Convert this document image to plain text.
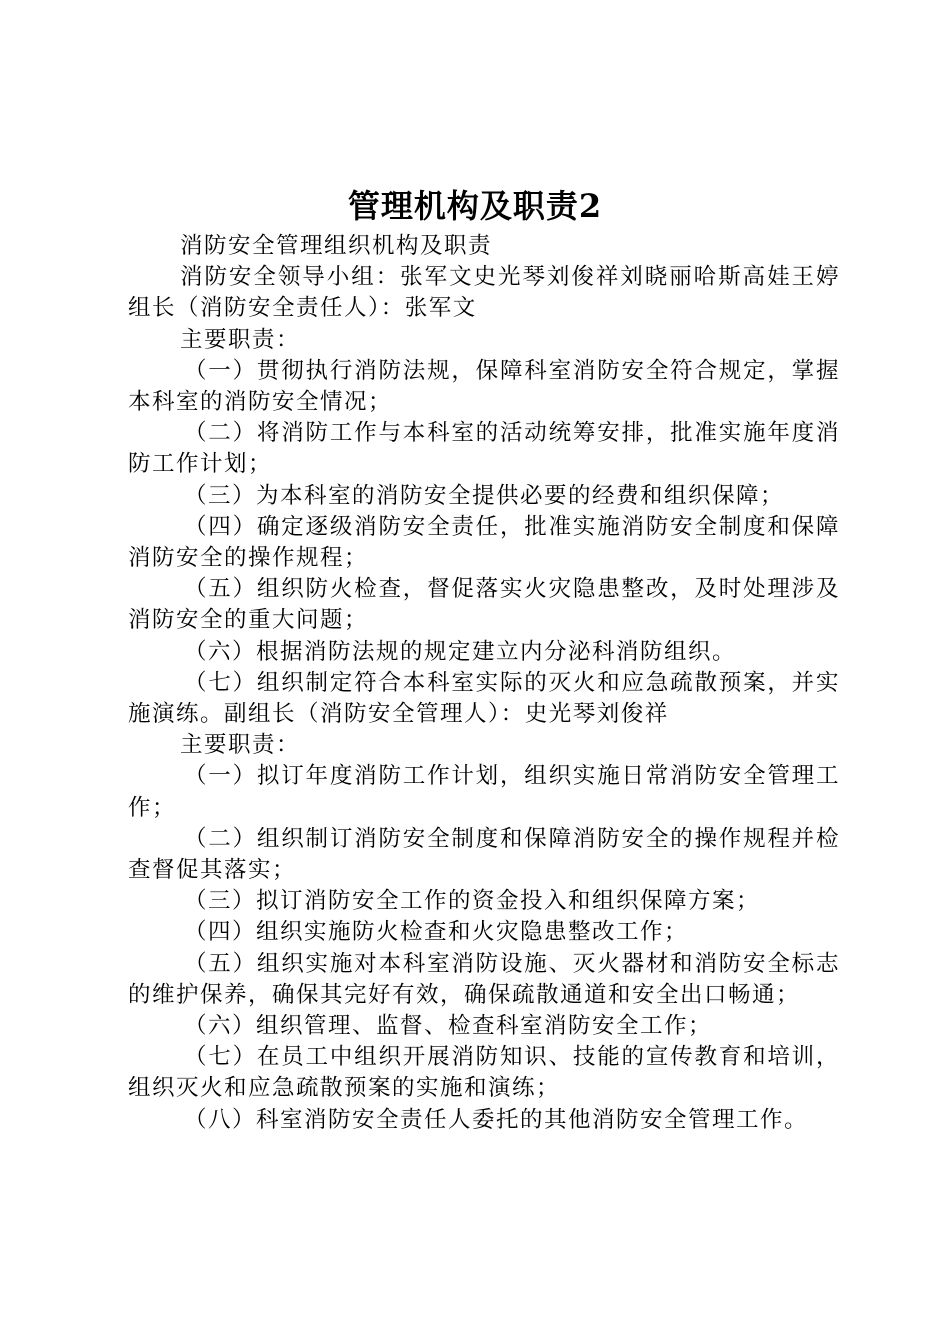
管理机构及职责2

消防安全管理组织机构及职责

消防安全领导小组：张军文史光琴刘俊祥刘晓丽哈斯高娃王婷组长（消防安全责任人）：张军文

主要职责：

（一）贯彻执行消防法规，保障科室消防安全符合规定，掌握本科室的消防安全情况；

（二）将消防工作与本科室的活动统筹安排，批准实施年度消防工作计划；

（三）为本科室的消防安全提供必要的经费和组织保障；

（四）确定逐级消防安全责任，批准实施消防安全制度和保障消防安全的操作规程；

（五）组织防火检查，督促落实火灾隐患整改，及时处理涉及消防安全的重大问题；

（六）根据消防法规的规定建立内分泌科消防组织。

（七）组织制定符合本科室实际的灭火和应急疏散预案，并实施演练。副组长（消防安全管理人）：史光琴刘俊祥

主要职责：

（一）拟订年度消防工作计划，组织实施日常消防安全管理工作；

（二）组织制订消防安全制度和保障消防安全的操作规程并检查督促其落实；

（三）拟订消防安全工作的资金投入和组织保障方案；

（四）组织实施防火检查和火灾隐患整改工作；

（五）组织实施对本科室消防设施、灭火器材和消防安全标志的维护保养，确保其完好有效，确保疏散通道和安全出口畅通；

（六）组织管理、监督、检查科室消防安全工作；

（七）在员工中组织开展消防知识、技能的宣传教育和培训，组织灭火和应急疏散预案的实施和演练；

（八）科室消防安全责任人委托的其他消防安全管理工作。
